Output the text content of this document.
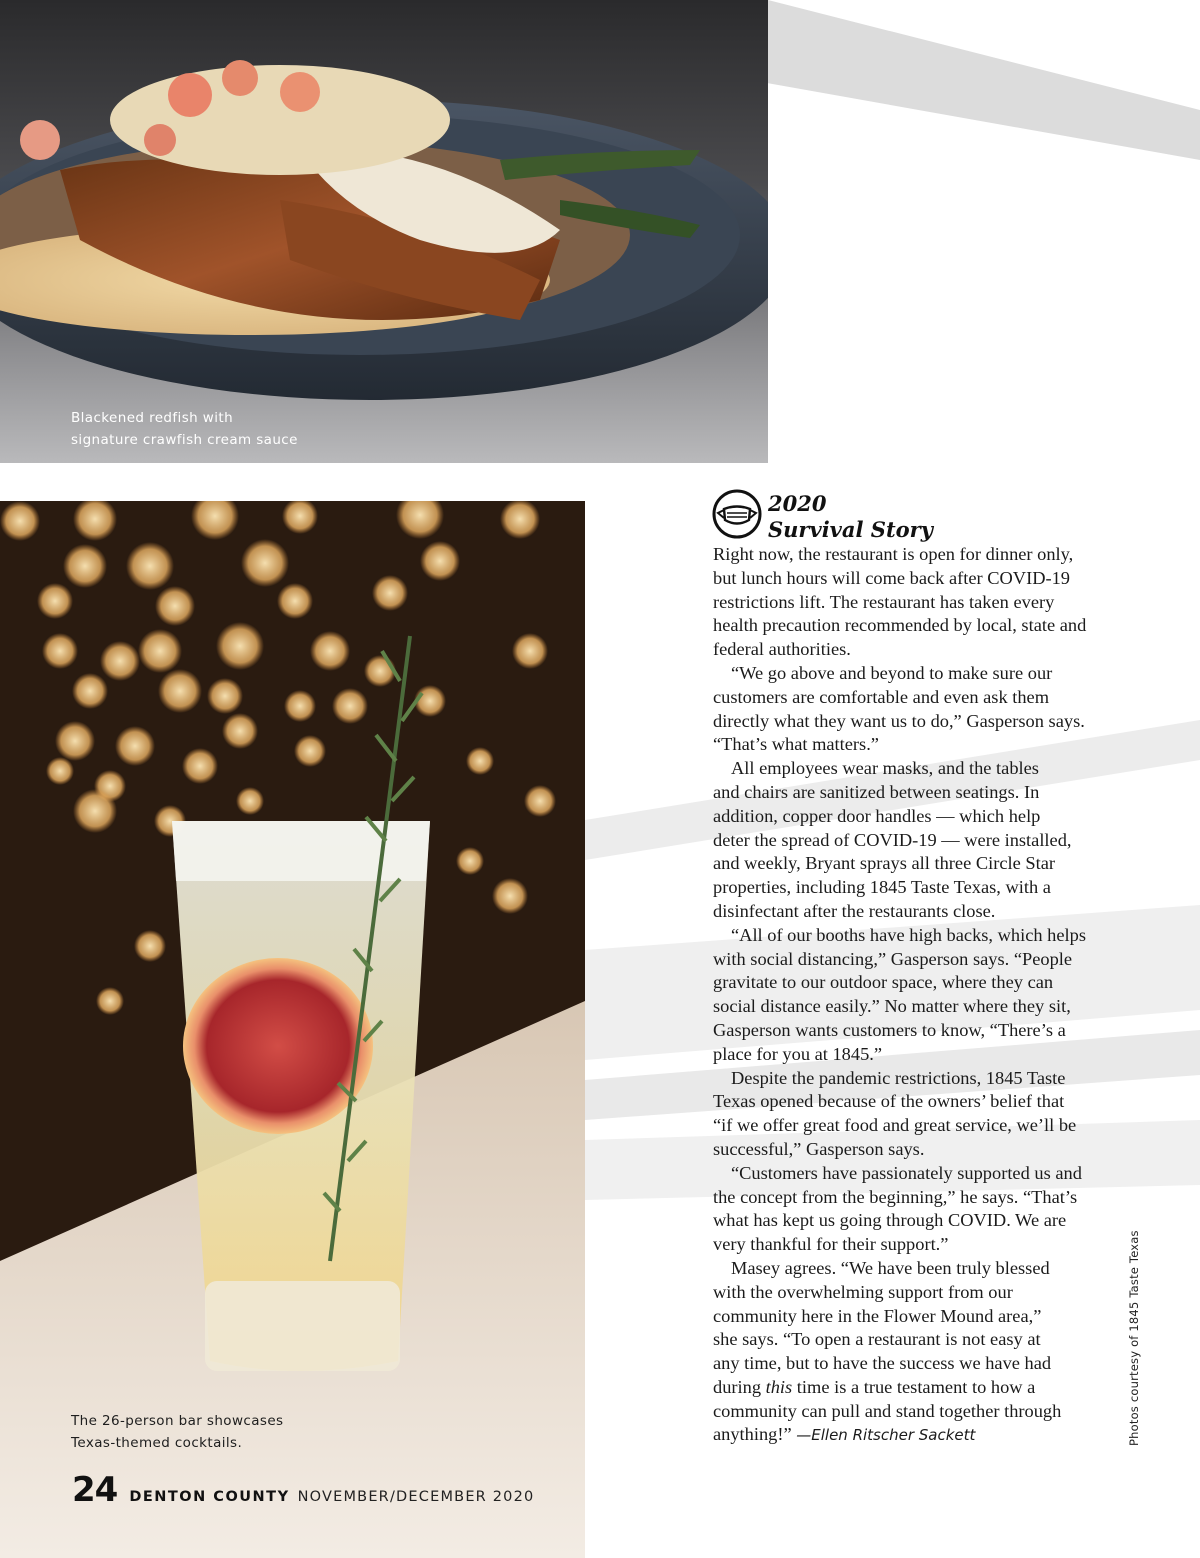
Blackened redfish with
signature crawfish cream sauce
The 26-person bar showcases
Texas-themed cocktails.
24 DENTON COUNTY NOVEMBER/DECEMBER 2020
2020
Survival Story
Right now, the restaurant is open for dinner only,
but lunch hours will come back after COVID-19
restrictions lift. The restaurant has taken every
health precaution recommended by local, state and
federal authorities.
“We go above and beyond to make sure our
customers are comfortable and even ask them
directly what they want us to do,” Gasperson says.
“That’s what matters.”
All employees wear masks, and the tables
and chairs are sanitized between seatings. In
addition, copper door handles — which help
deter the spread of COVID-19 — were installed,
and weekly, Bryant sprays all three Circle Star
properties, including 1845 Taste Texas, with a
disinfectant after the restaurants close.
“All of our booths have high backs, which helps
with social distancing,” Gasperson says. “People
gravitate to our outdoor space, where they can
social distance easily.” No matter where they sit,
Gasperson wants customers to know, “There’s a
place for you at 1845.”
Despite the pandemic restrictions, 1845 Taste
Texas opened because of the owners’ belief that
“if we offer great food and great service, we’ll be
successful,” Gasperson says.
“Customers have passionately supported us and
the concept from the beginning,” he says. “That’s
what has kept us going through COVID. We are
very thankful for their support.”
Masey agrees. “We have been truly blessed
with the overwhelming support from our
community here in the Flower Mound area,”
she says. “To open a restaurant is not easy at
any time, but to have the success we have had
during this time is a true testament to how a
community can pull and stand together through
anything!” —Ellen Ritscher Sackett	Photos courtesy of 1845 Taste Texas
